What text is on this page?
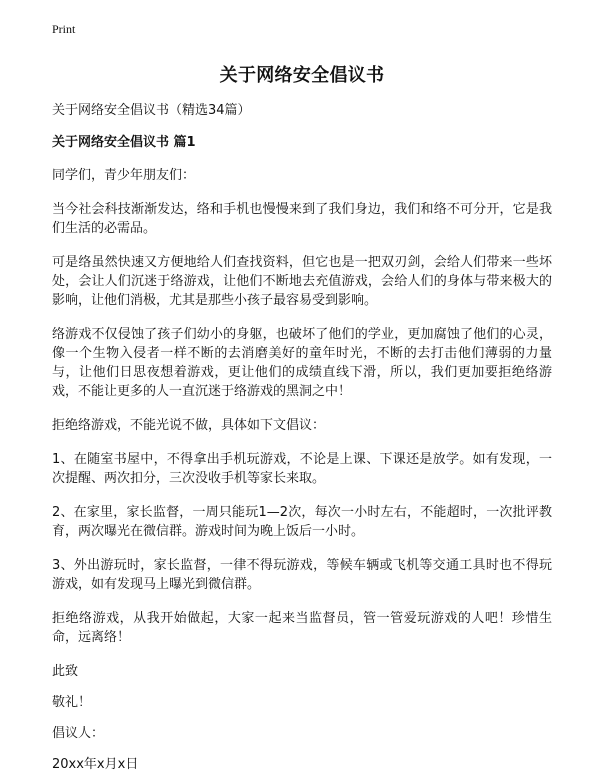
Print
关于网络安全倡议书
关于网络安全倡议书（精选34篇）
关于网络安全倡议书 篇1
同学们，青少年朋友们：
当今社会科技渐渐发达，络和手机也慢慢来到了我们身边，我们和络不可分开，它是我们生活的必需品。
可是络虽然快速又方便地给人们查找资料，但它也是一把双刃剑，会给人们带来一些坏处，会让人们沉迷于络游戏，让他们不断地去充值游戏，会给人们的身体与带来极大的影响，让他们消极，尤其是那些小孩子最容易受到影响。
络游戏不仅侵蚀了孩子们幼小的身躯，也破坏了他们的学业，更加腐蚀了他们的心灵，像一个生物入侵者一样不断的去消磨美好的童年时光，不断的去打击他们薄弱的力量与，让他们日思夜想着游戏，更让他们的成绩直线下滑，所以，我们更加要拒绝络游戏，不能让更多的人一直沉迷于络游戏的黑洞之中！
拒绝络游戏，不能光说不做，具体如下文倡议：
1、在随室书屋中，不得拿出手机玩游戏，不论是上课、下课还是放学。如有发现，一次提醒、两次扣分，三次没收手机等家长来取。
2、在家里，家长监督，一周只能玩1—2次，每次一小时左右，不能超时，一次批评教育，两次曝光在微信群。游戏时间为晚上饭后一小时。
3、外出游玩时，家长监督，一律不得玩游戏，等候车辆或飞机等交通工具时也不得玩游戏，如有发现马上曝光到微信群。
拒绝络游戏，从我开始做起，大家一起来当监督员，管一管爱玩游戏的人吧！珍惜生命，远离络！
此致
敬礼！
倡议人：
20xx年x月x日
